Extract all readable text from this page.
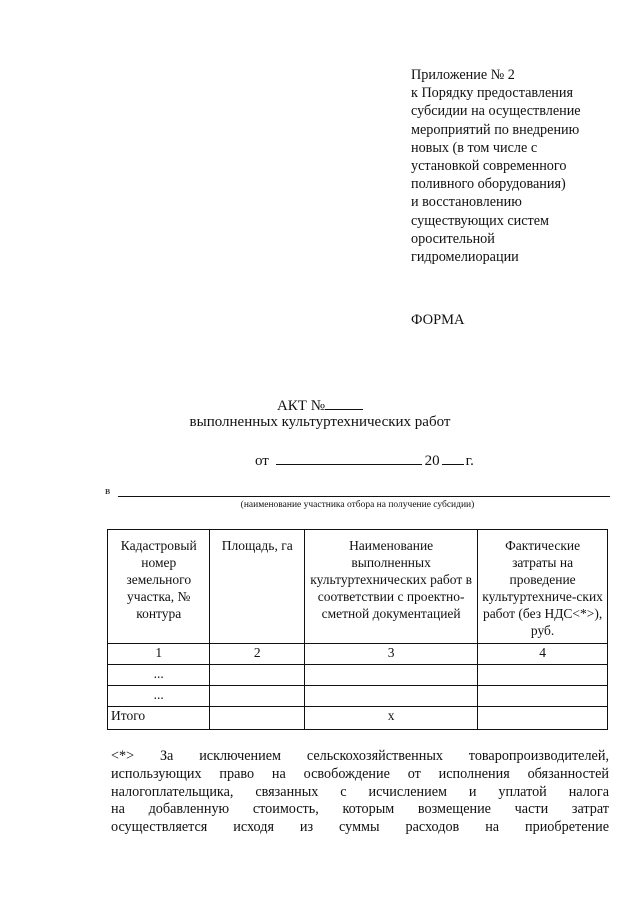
Приложение № 2
к Порядку предоставления
субсидии на осуществление
мероприятий по внедрению
новых (в том числе с
установкой современного
поливного оборудования)
и восстановлению
существующих систем
оросительной
гидромелиорации
ФОРМА
АКТ №
выполненных культуртехнических работ
от	20 г.
в
(наименование участника отбора на получение субсидии)
Кадастровый номер земельного участка, № контура	Площадь, га	Наименование выполненных культуртехнических работ в соответствии с проектно-сметной документацией	Фактические затраты на проведение культуртехниче-ских работ (без НДС<*>), руб.
1	2	3	4
...			
...			
Итого		x	
<*> За исключением сельскохозяйственных товаропроизводителей,
использующих право на освобождение от исполнения обязанностей
налогоплательщика, связанных с исчислением и уплатой налога
на добавленную стоимость, которым возмещение части затрат
осуществляется исходя из суммы расходов на приобретение
